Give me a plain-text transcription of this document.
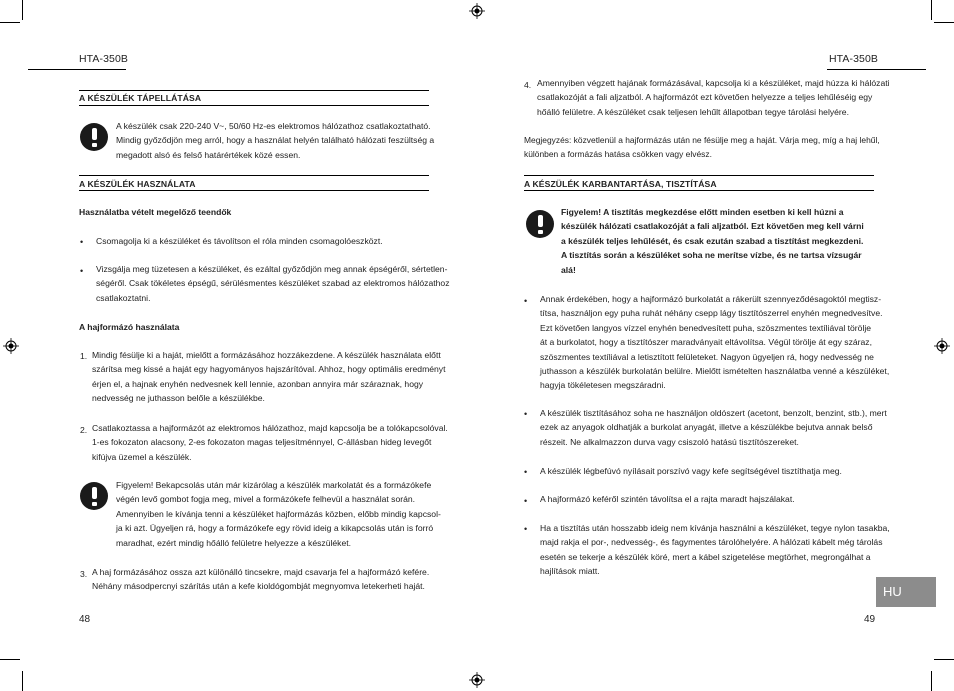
HTA-350B
A KÉSZÜLÉK TÁPELLÁTÁSA
A készülék csak 220-240 V~, 50/60 Hz-es elektromos hálózathoz csatlakoztatható.
Mindig győződjön meg arról, hogy a használat helyén található hálózati feszültség a
megadott alsó és felső határértékek közé essen.
A KÉSZÜLÉK HASZNÁLATA
Használatba vételt megelőző teendők
• Csomagolja ki a készüléket és távolítson el róla minden csomagolóeszközt.
• Vizsgálja meg tüzetesen a készüléket, és ezáltal győződjön meg annak épségéről, sértetlen-
ségéről. Csak tökéletes épségű, sérülésmentes készüléket szabad az elektromos hálózathoz
csatlakoztatni.
A hajformázó használata
1. Mindig fésülje ki a haját, mielőtt a formázásához hozzákezdene. A készülék használata előtt
szárítsa meg kissé a haját egy hagyományos hajszárítóval. Ahhoz, hogy optimális eredményt
érjen el, a hajnak enyhén nedvesnek kell lennie, azonban annyira már száraznak, hogy
nedvesség ne juthasson belőle a készülékbe.
2. Csatlakoztassa a hajformázót az elektromos hálózathoz, majd kapcsolja be a tolókapcsolóval.
1-es fokozaton alacsony, 2-es fokozaton magas teljesítménnyel, C-állásban hideg levegőt
kifújva üzemel a készülék.
Figyelem! Bekapcsolás után már kizárólag a készülék markolatát és a formázókefe
végén levő gombot fogja meg, mivel a formázókefe felhevül a használat során.
Amennyiben le kívánja tenni a készüléket hajformázás közben, előbb mindig kapcsol-
ja ki azt. Ügyeljen rá, hogy a formázókefe egy rövid ideig a kikapcsolás után is forró
maradhat, ezért mindig hőálló felületre helyezze a készüléket.
3. A haj formázásához ossza azt különálló tincsekre, majd csavarja fel a hajformázó kefére.
Néhány másodpercnyi szárítás után a kefe kioldógombját megnyomva letekerheti haját.
48
HTA-350B
4. Amennyiben végzett hajának formázásával, kapcsolja ki a készüléket, majd húzza ki hálózati
csatlakozóját a fali aljzatból. A hajformázót ezt követően helyezze a teljes lehűléséig egy
hőálló felületre. A készüléket csak teljesen lehűlt állapotban tegye tárolási helyére.
Megjegyzés: közvetlenül a hajformázás után ne fésülje meg a haját. Várja meg, míg a haj lehűl,
különben a formázás hatása csökken vagy elvész.
A KÉSZÜLÉK KARBANTARTÁSA, TISZTÍTÁSA
Figyelem! A tisztítás megkezdése előtt minden esetben ki kell húzni a
készülék hálózati csatlakozóját a fali aljzatból. Ezt követően meg kell várni
a készülék teljes lehűlését, és csak ezután szabad a tisztítást megkezdeni.
A tisztítás során a készüléket soha ne merítse vízbe, és ne tartsa vízsugár
alá!
• Annak érdekében, hogy a hajformázó burkolatát a rákerült szennyeződésagoktól megtisz-
títsa, használjon egy puha ruhát néhány csepp lágy tisztítószerrel enyhén megnedvesítve.
Ezt követően langyos vízzel enyhén benedvesített puha, szöszmentes textíliával törölje
át a burkolatot, hogy a tisztítószer maradványait eltávolítsa. Végül törölje át egy száraz,
szöszmentes textíliával a letisztított felületeket. Nagyon ügyeljen rá, hogy nedvesség ne
juthasson a készülék burkolatán belülre. Mielőtt ismételten használatba venné a készüléket,
hagyja tökéletesen megszáradni.
• A készülék tisztításához soha ne használjon oldószert (acetont, benzolt, benzint, stb.), mert
ezek az anyagok oldhatják a burkolat anyagát, illetve a készülékbe bejutva annak belső
részeit. Ne alkalmazzon durva vagy csiszoló hatású tisztítószereket.
• A készülék légbefúvó nyílásait porszívó vagy kefe segítségével tisztíthatja meg.
• A hajformázó keféről szintén távolítsa el a rajta maradt hajszálakat.
• Ha a tisztítás után hosszabb ideig nem kívánja használni a készüléket, tegye nylon tasakba,
majd rakja el por-, nedvesség-, és fagymentes tárolóhelyére. A hálózati kábelt még tárolás
esetén se tekerje a készülék köré, mert a kábel szigetelése megtörhet, megrongálhat a
hajlítások miatt.
HU
49
